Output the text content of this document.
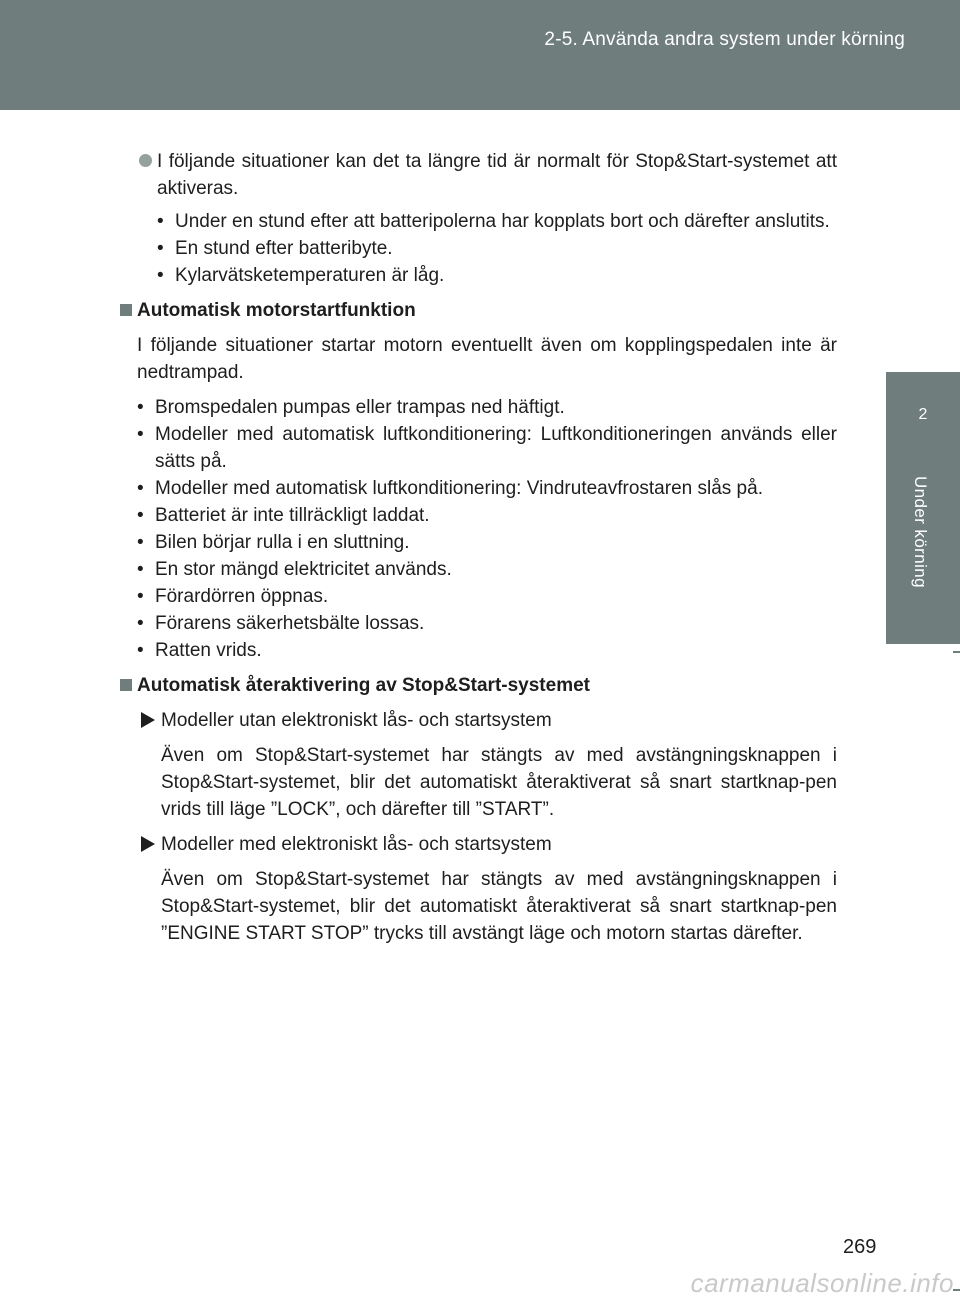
2-5. Använda andra system under körning
2
Under körning
I följande situationer kan det ta längre tid är normalt för Stop&Start-systemet att aktiveras.
• Under en stund efter att batteripolerna har kopplats bort och därefter anslutits.
• En stund efter batteribyte.
• Kylarvätsketemperaturen är låg.
Automatisk motorstartfunktion
I följande situationer startar motorn eventuellt även om kopplingspedalen inte är nedtrampad.
• Bromspedalen pumpas eller trampas ned häftigt.
• Modeller med automatisk luftkonditionering: Luftkonditioneringen används eller sätts på.
• Modeller med automatisk luftkonditionering: Vindruteavfrostaren slås på.
• Batteriet är inte tillräckligt laddat.
• Bilen börjar rulla i en sluttning.
• En stor mängd elektricitet används.
• Förardörren öppnas.
• Förarens säkerhetsbälte lossas.
• Ratten vrids.
Automatisk återaktivering av Stop&Start-systemet
Modeller utan elektroniskt lås- och startsystem
Även om Stop&Start-systemet har stängts av med avstängningsknappen i Stop&Start-systemet, blir det automatiskt återaktiverat så snart startknap-pen vrids till läge ”LOCK”, och därefter till ”START”.
Modeller med elektroniskt lås- och startsystem
Även om Stop&Start-systemet har stängts av med avstängningsknappen i Stop&Start-systemet, blir det automatiskt återaktiverat så snart startknap-pen ”ENGINE START STOP” trycks till avstängt läge och motorn startas därefter.
269
carmanualsonline.info
